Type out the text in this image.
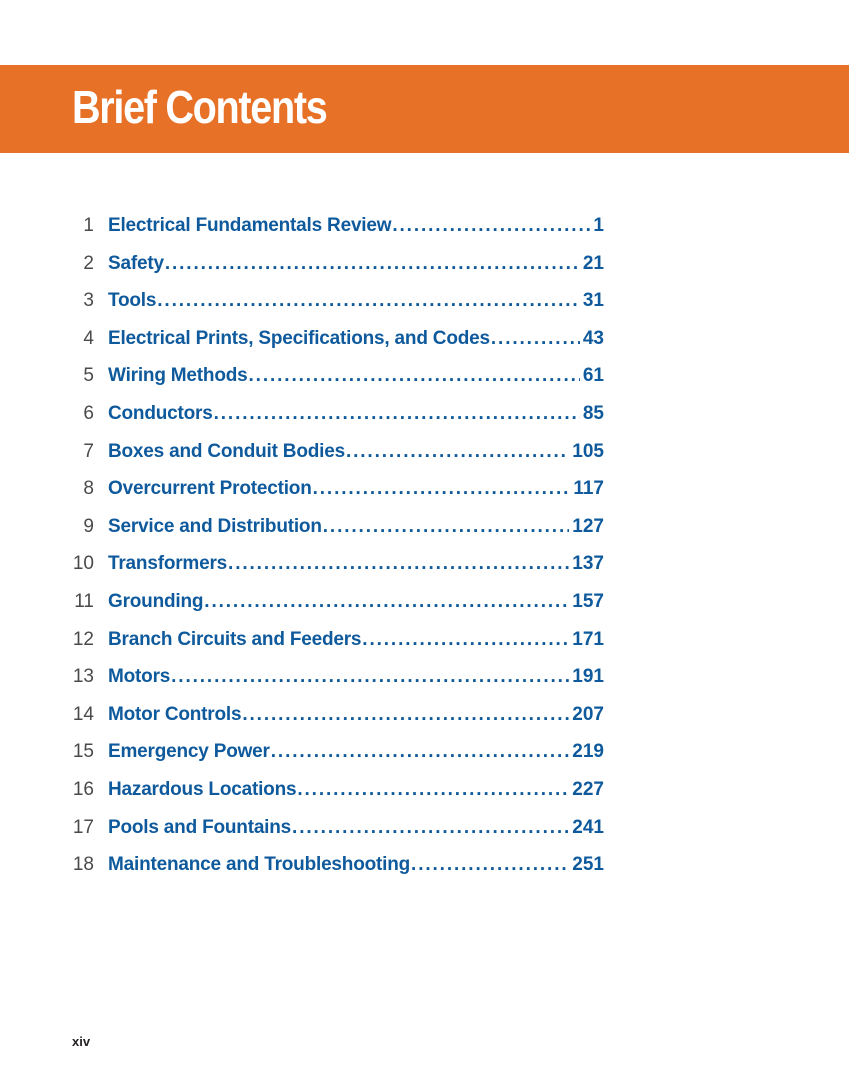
Brief Contents
1 Electrical Fundamentals Review . . .	1
2 Safety . . .	21
3 Tools . . .	31
4 Electrical Prints, Specifications, and Codes . . .	43
5 Wiring Methods . . .	61
6 Conductors . . .	85
7 Boxes and Conduit Bodies . . .	105
8 Overcurrent Protection . . .	117
9 Service and Distribution . . .	127
10 Transformers . . .	137
11 Grounding . . .	157
12 Branch Circuits and Feeders . . .	171
13 Motors . . .	191
14 Motor Controls . . .	207
15 Emergency Power . . .	219
16 Hazardous Locations . . .	227
17 Pools and Fountains . . .	241
18 Maintenance and Troubleshooting . . .	251
xiv
